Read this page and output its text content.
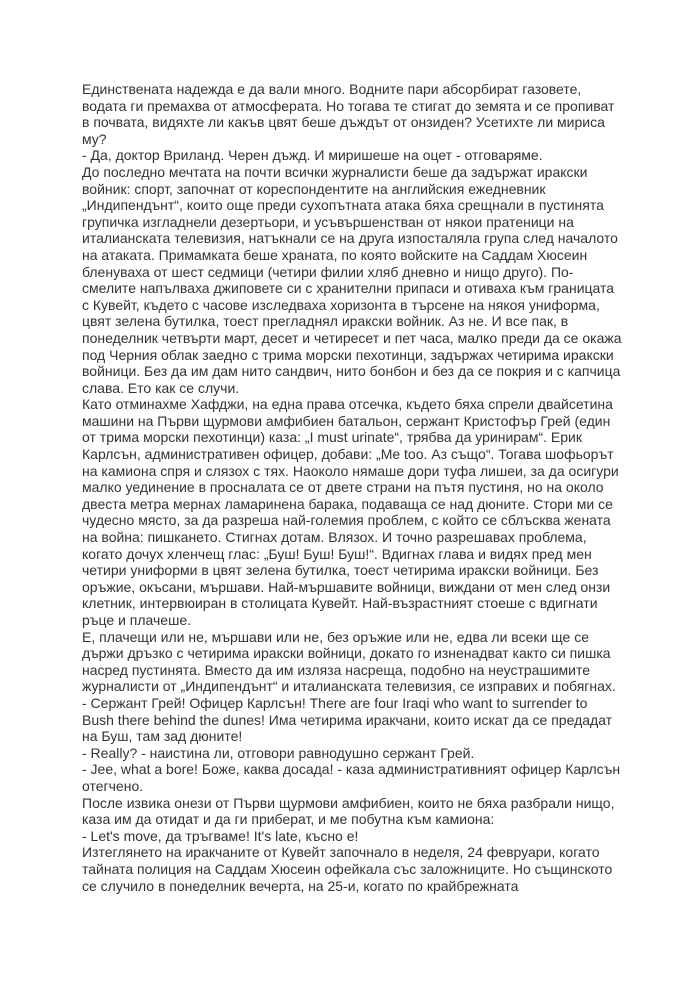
Единствената надежда е да вали много. Водните пари абсорбират газовете, водата ги премахва от атмосферата. Но тогава те стигат до земята и се пропиват в почвата, видяхте ли какъв цвят беше дъждът от онзиден? Усетихте ли мириса му?

- Да, доктор Вриланд. Черен дъжд. И миришеше на оцет - отговаряме.

До последно мечтата на почти всички журналисти беше да задържат иракски войник: спорт, започнат от кореспондентите на английския ежедневник „Индипендънт“, които още преди сухопътната атака бяха срещнали в пустинята групичка изгладнели дезертьори, и усъвършенстван от някои пратеници на италианската телевизия, натъкнали се на друга изпосталяла група след началото на атаката. Примамката беше храната, по която войските на Саддам Хюсеин бленуваха от шест седмици (четири филии хляб дневно и нищо друго). По-смелите напълваха джиповете си с хранителни припаси и отиваха към границата с Кувейт, където с часове изследваха хоризонта в търсене на някоя униформа, цвят зелена бутилка, тоест прегладнял иракски войник. Аз не. И все пак, в понеделник четвърти март, десет и четиресет и пет часа, малко преди да се окажа под Черния облак заедно с трима морски пехотинци, задържах четирима иракски войници. Без да им дам нито сандвич, нито бонбон и без да се покрия и с капчица слава. Ето как се случи.

Като отминахме Хафджи, на една права отсечка, където бяха спрели двайсетина машини на Първи щурмови амфибиен батальон, сержант Кристофър Грей (един от трима морски пехотинци) каза: „I must urinate“, трябва да уринирам“. Ерик Карлсън, административен офицер, добави: „Me too. Аз също“. Тогава шофьорът на камиона спря и слязох с тях. Наоколо нямаше дори туфа лишеи, за да осигури малко уединение в просналата се от двете страни на пътя пустиня, но на около двеста метра мернах ламаринена барака, подаваща се над дюните. Стори ми се чудесно място, за да разреша най-големия проблем, с който се сблъсква жената на война: пишкането. Стигнах дотам. Влязох. И точно разрешавах проблема, когато дочух хленчещ глас: „Буш! Буш! Буш!“. Вдигнах глава и видях пред мен четири униформи в цвят зелена бутилка, тоест четирима иракски войници. Без оръжие, окъсани, мършави. Най-мършавите войници, виждани от мен след онзи клетник, интервюиран в столицата Кувейт. Най-възрастният стоеше с вдигнати ръце и плачеше.

Е, плачещи или не, мършави или не, без оръжие или не, едва ли всеки ще се държи дръзко с четирима иракски войници, докато го изненадват както си пишка насред пустинята. Вместо да им изляза насреща, подобно на неустрашимите журналисти от „Индипендънт“ и италианската телевизия, се изправих и побягнах.

- Сержант Грей! Офицер Карлсън! There are four Iraqi who want to surrender to Bush there behind the dunes! Има четирима иракчани, които искат да се предадат на Буш, там зад дюните!

- Really? - наистина ли, отговори равнодушно сержант Грей.

- Jee, what a bore! Боже, каква досада! - каза административният офицер Карлсън отегчено.

После извика онези от Първи щурмови амфибиен, които не бяха разбрали нищо, каза им да отидат и да ги приберат, и ме побутна към камиона:

- Let's move, да тръгваме! It's late, късно е!

Изтеглянето на иракчаните от Кувейт започнало в неделя, 24 февруари, когато тайната полиция на Саддам Хюсеин офейкала със заложниците. Но същинското се случило в понеделник вечерта, на 25-и, когато по крайбрежната
